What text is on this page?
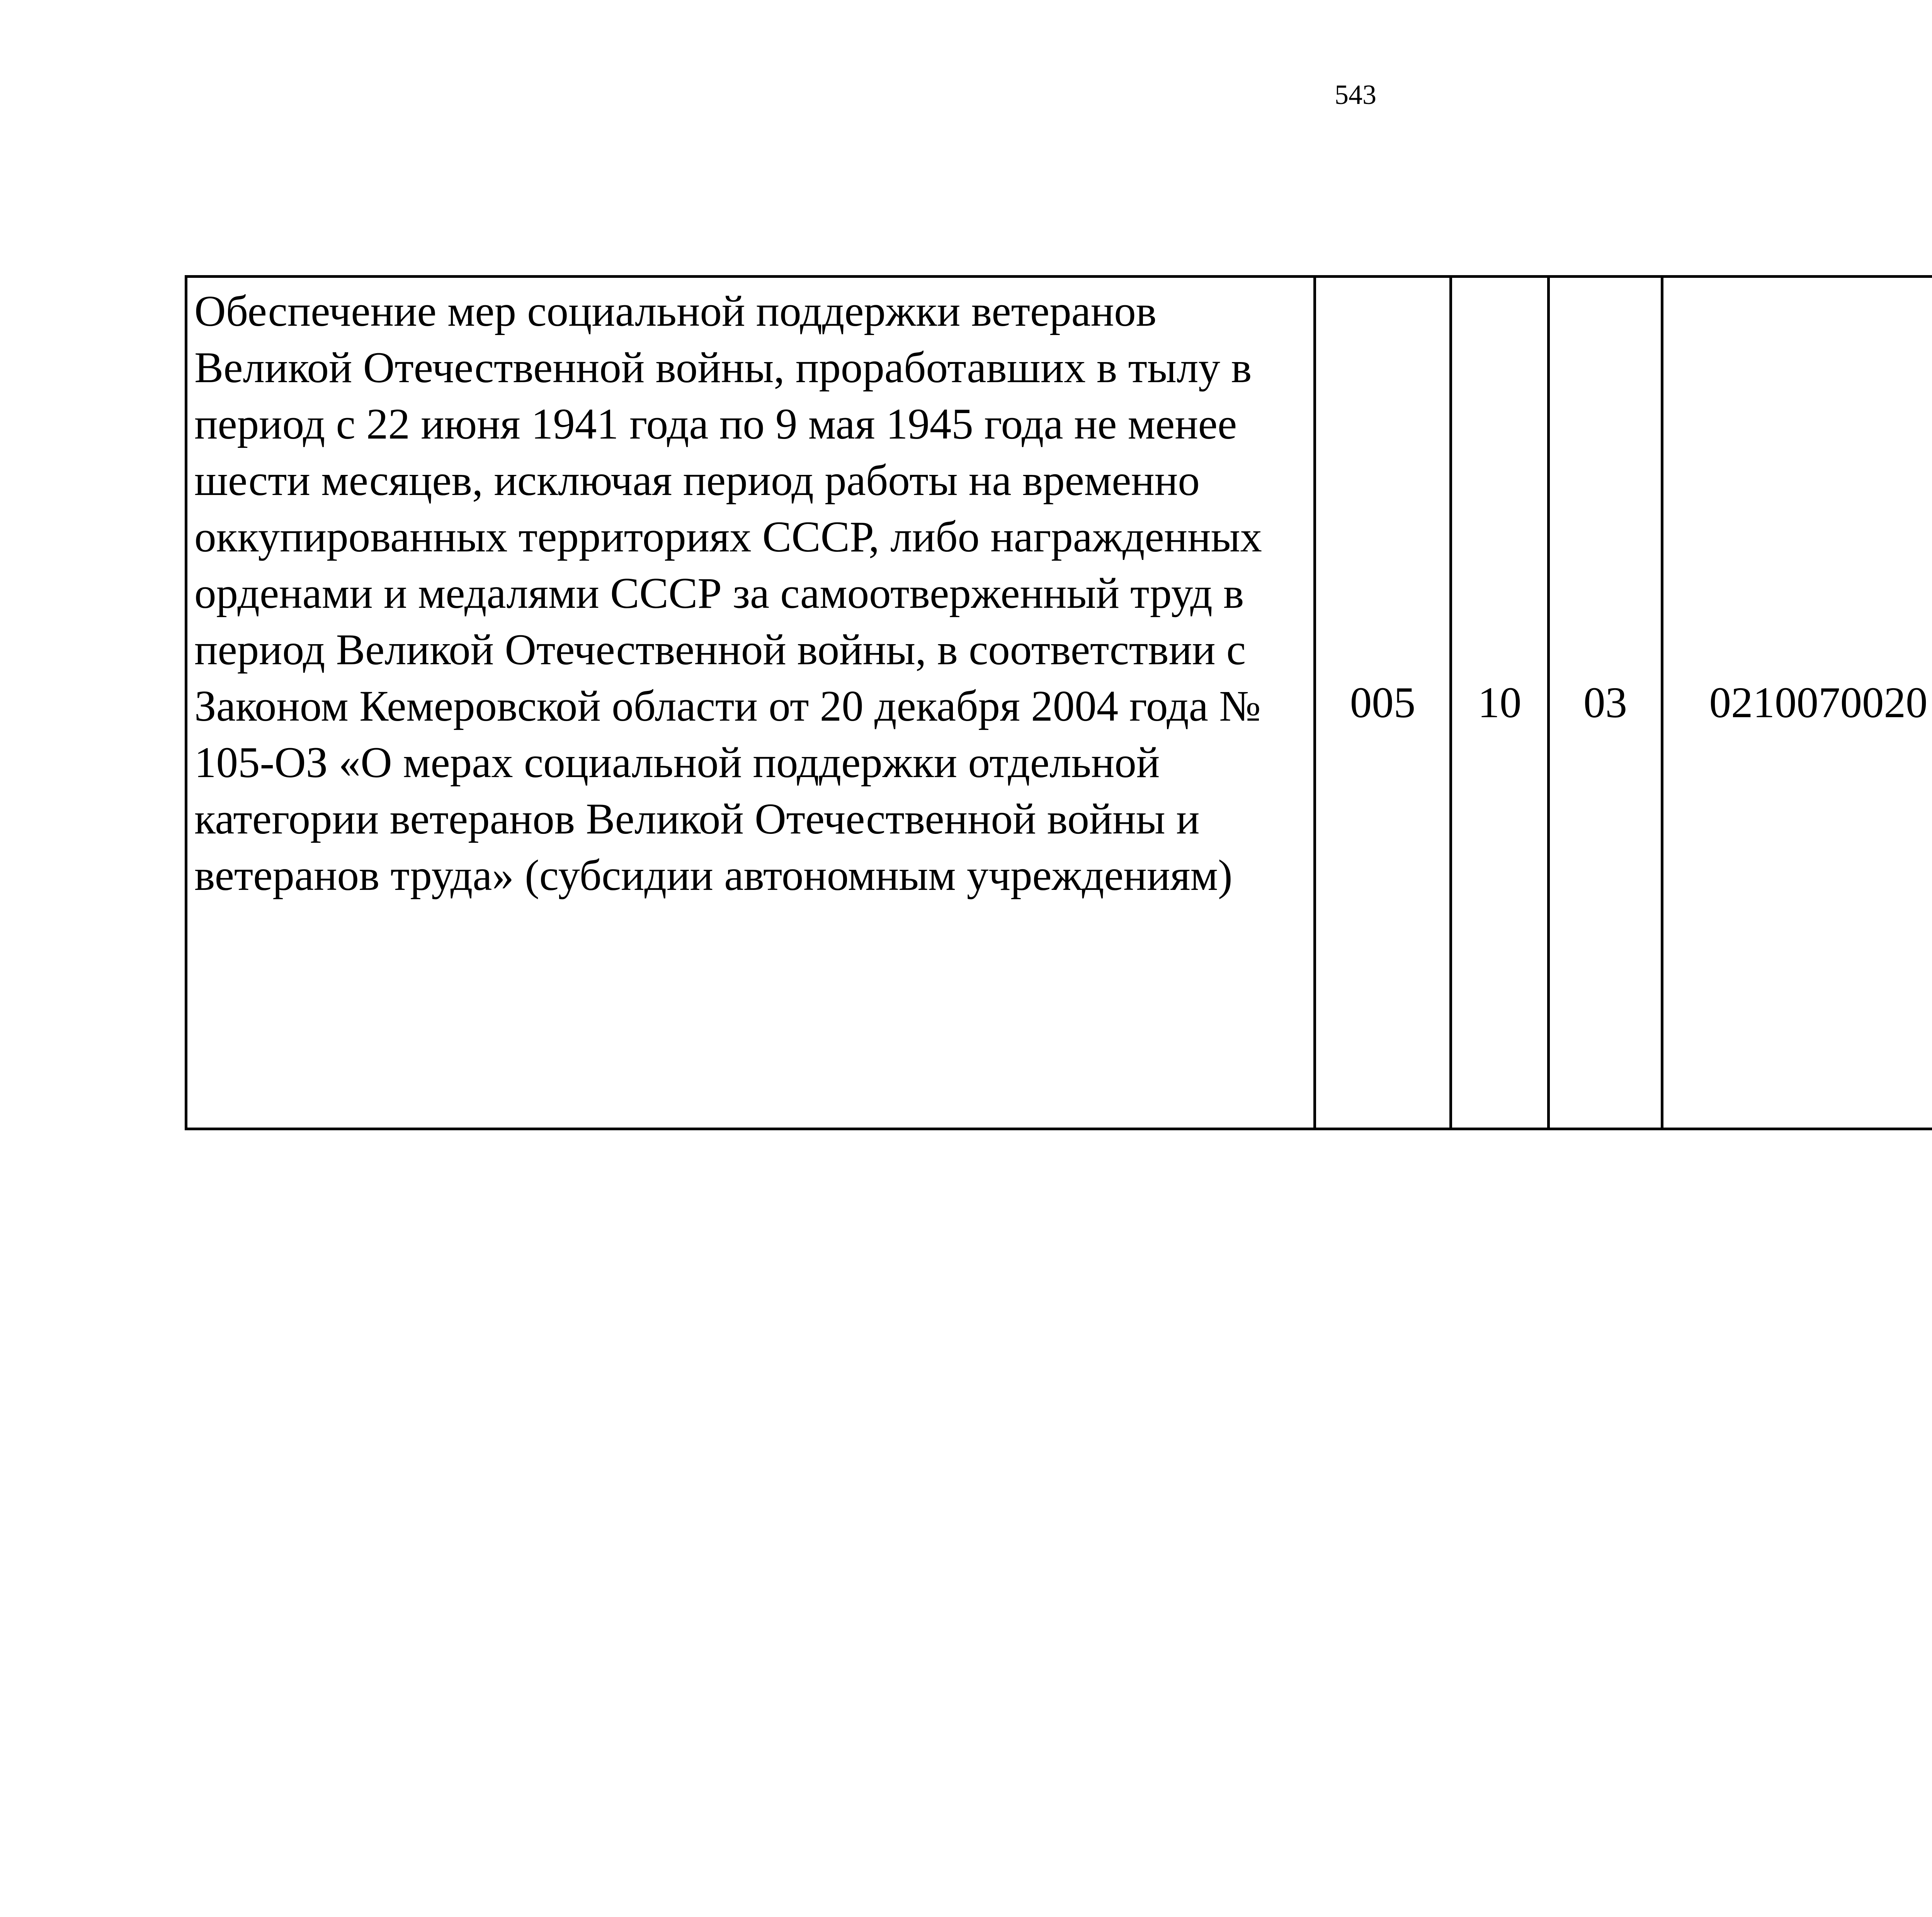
543
Обеспечение мер социальной поддержки ветеранов Великой Отечественной войны, проработавших в тылу в период с 22 июня 1941 года по 9 мая 1945 года не менее шести месяцев, исключая период работы на временно оккупированных территориях СССР, либо награжденных орденами и медалями СССР за самоотверженный труд в период Великой Отечественной войны, в соответствии с Законом Кемеровской области от 20 декабря 2004 года № 105-ОЗ «О мерах социальной поддержки отдельной категории ветеранов Великой Отечественной войны и ветеранов труда» (субсидии автономным учреждениям)	005	10	03	0210070020		
